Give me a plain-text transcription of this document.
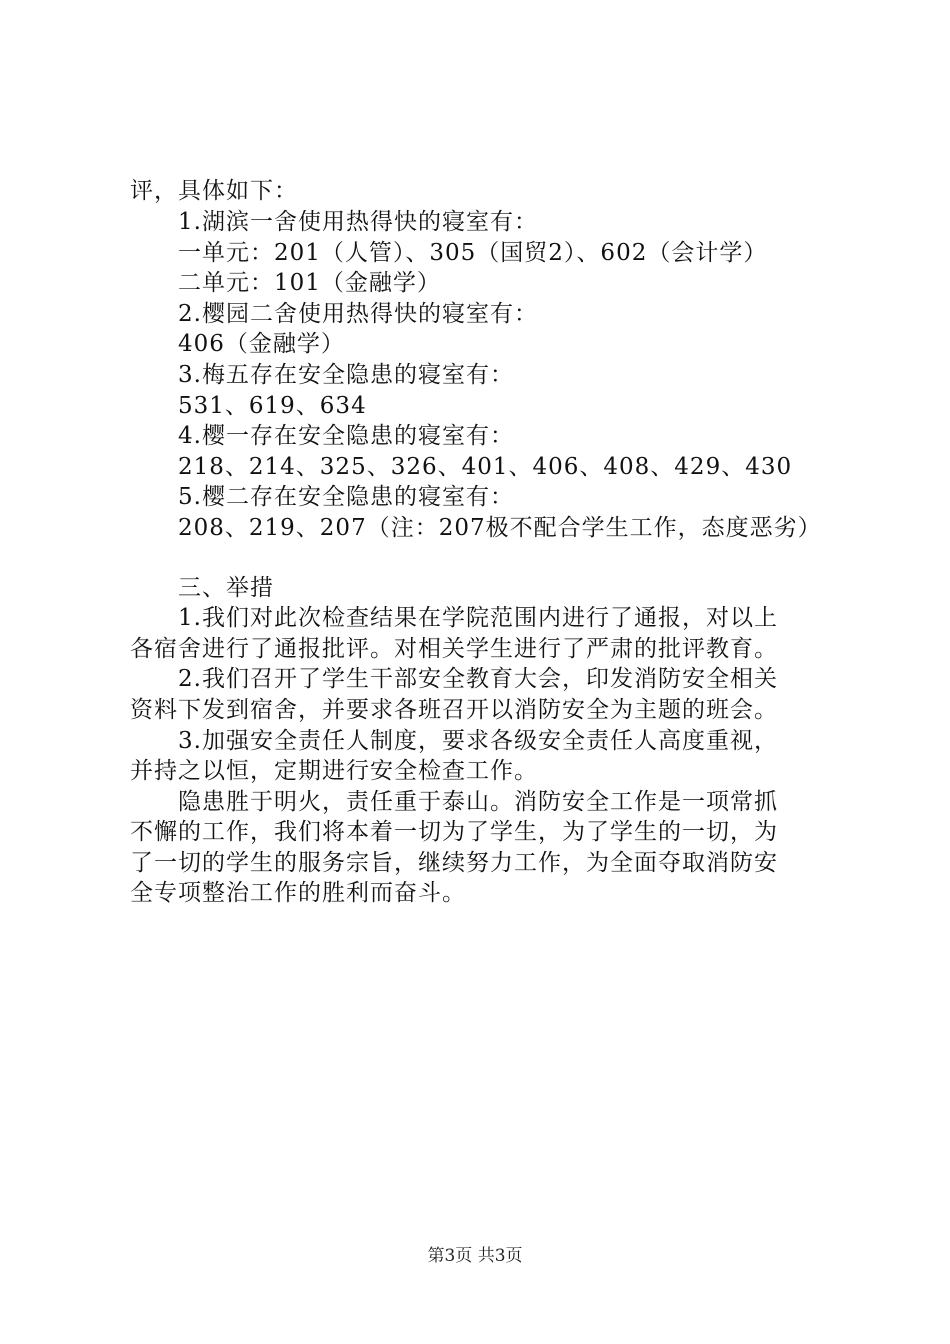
评，具体如下：
1.湖滨一舍使用热得快的寝室有：
一单元：201（人管）、305（国贸2）、602（会计学）
二单元：101（金融学）
2.樱园二舍使用热得快的寝室有：
406（金融学）
3.梅五存在安全隐患的寝室有：
531、619、634
4.樱一存在安全隐患的寝室有：
218、214、325、326、401、406、408、429、430
5.樱二存在安全隐患的寝室有：
208、219、207（注：207极不配合学生工作，态度恶劣）
三、举措
1.我们对此次检查结果在学院范围内进行了通报，对以上
各宿舍进行了通报批评。对相关学生进行了严肃的批评教育。
2.我们召开了学生干部安全教育大会，印发消防安全相关
资料下发到宿舍，并要求各班召开以消防安全为主题的班会。
3.加强安全责任人制度，要求各级安全责任人高度重视，
并持之以恒，定期进行安全检查工作。
隐患胜于明火，责任重于泰山。消防安全工作是一项常抓
不懈的工作，我们将本着一切为了学生，为了学生的一切，为
了一切的学生的服务宗旨，继续努力工作，为全面夺取消防安
全专项整治工作的胜利而奋斗。
第3页 共3页
